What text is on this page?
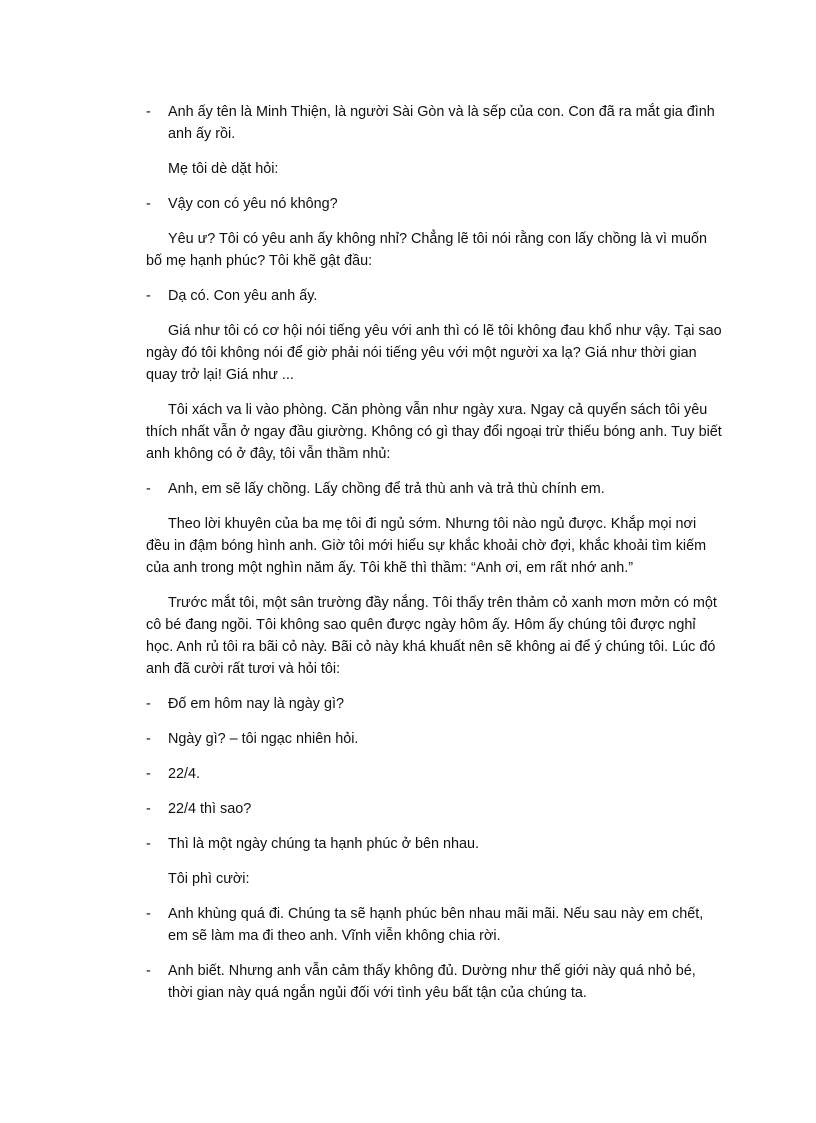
-	Anh ấy tên là Minh Thiện, là người Sài Gòn và là sếp của con. Con đã ra mắt gia đình anh ấy rồi.

Mẹ tôi dè dặt hỏi:

-	Vậy con có yêu nó không?

Yêu ư? Tôi có yêu anh ấy không nhỉ? Chẳng lẽ tôi nói rằng con lấy chồng là vì muốn bố mẹ hạnh phúc? Tôi khẽ gật đầu:

-	Dạ có. Con yêu anh ấy.

Giá như tôi có cơ hội nói tiếng yêu với anh thì có lẽ tôi không đau khổ như vậy. Tại sao ngày đó tôi không nói để giờ phải nói tiếng yêu với một người xa lạ? Giá như thời gian quay trở lại! Giá như ...

Tôi xách va li vào phòng. Căn phòng vẫn như ngày xưa. Ngay cả quyển sách tôi yêu thích nhất vẫn ở ngay đầu giường. Không có gì thay đổi ngoại trừ thiếu bóng anh. Tuy biết anh không có ở đây, tôi vẫn thầm nhủ:

-	Anh, em sẽ lấy chồng. Lấy chồng để trả thù anh và trả thù chính em.

Theo lời khuyên của ba mẹ tôi đi ngủ sớm. Nhưng tôi nào ngủ được. Khắp mọi nơi đều in đậm bóng hình anh. Giờ tôi mới hiểu sự khắc khoải chờ đợi, khắc khoải tìm kiếm của anh trong một nghìn năm ấy. Tôi khẽ thì thầm: “Anh ơi, em rất nhớ anh.”

Trước mắt tôi, một sân trường đầy nắng. Tôi thấy trên thảm cỏ xanh mơn mởn có một cô bé đang ngồi. Tôi không sao quên được ngày hôm ấy. Hôm ấy chúng tôi được nghỉ học. Anh rủ tôi ra bãi cỏ này. Bãi cỏ này khá khuất nên sẽ không ai để ý chúng tôi. Lúc đó anh đã cười rất tươi và hỏi tôi:

-	Đố em hôm nay là ngày gì?
-	Ngày gì? – tôi ngạc nhiên hỏi.
-	22/4.
-	22/4 thì sao?
-	Thì là một ngày chúng ta hạnh phúc ở bên nhau.

Tôi phì cười:

-	Anh khùng quá đi. Chúng ta sẽ hạnh phúc bên nhau mãi mãi. Nếu sau này em chết, em sẽ làm ma đi theo anh. Vĩnh viễn không chia rời.
-	Anh biết. Nhưng anh vẫn cảm thấy không đủ. Dường như thế giới này quá nhỏ bé, thời gian này quá ngắn ngủi đối với tình yêu bất tận của chúng ta.
